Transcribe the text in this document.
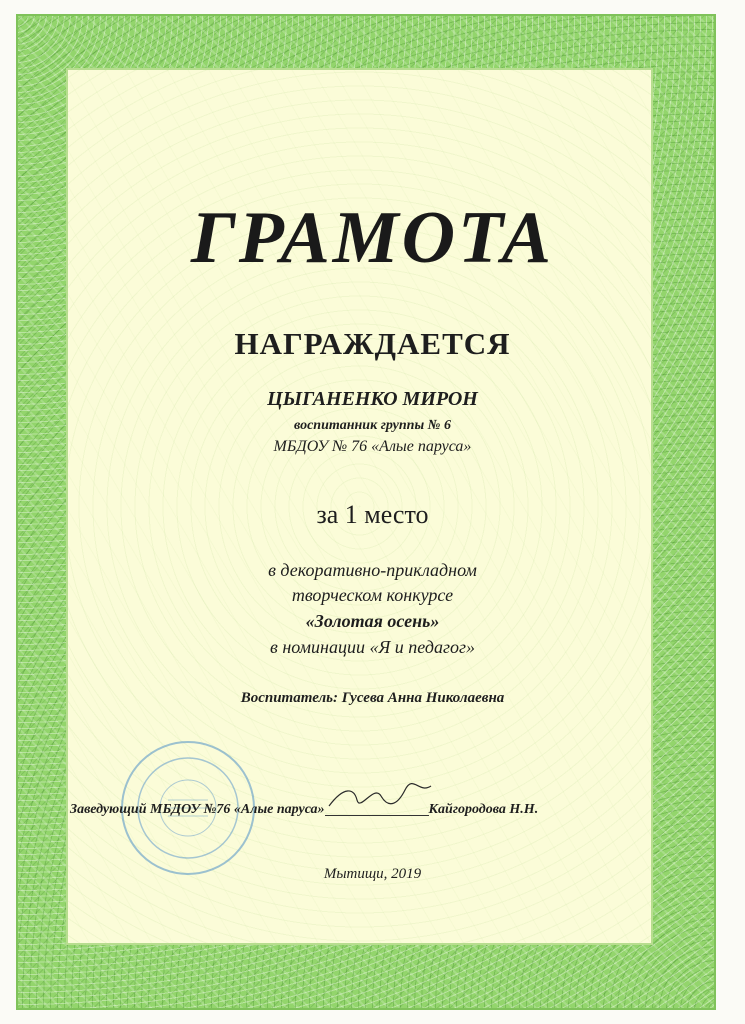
ГРАМОТА
НАГРАЖДАЕТСЯ
ЦЫГАНЕНКО МИРОН
воспитанник группы № 6
МБДОУ № 76 «Алые паруса»
за 1 место
в декоративно-прикладном
творческом конкурсе
«Золотая осень»
в номинации «Я и педагог»
Воспитатель: Гусева Анна Николаевна
Заведующий МБДОУ №76 «Алые паруса»	Кайгородова Н.Н.
Мытищи, 2019
